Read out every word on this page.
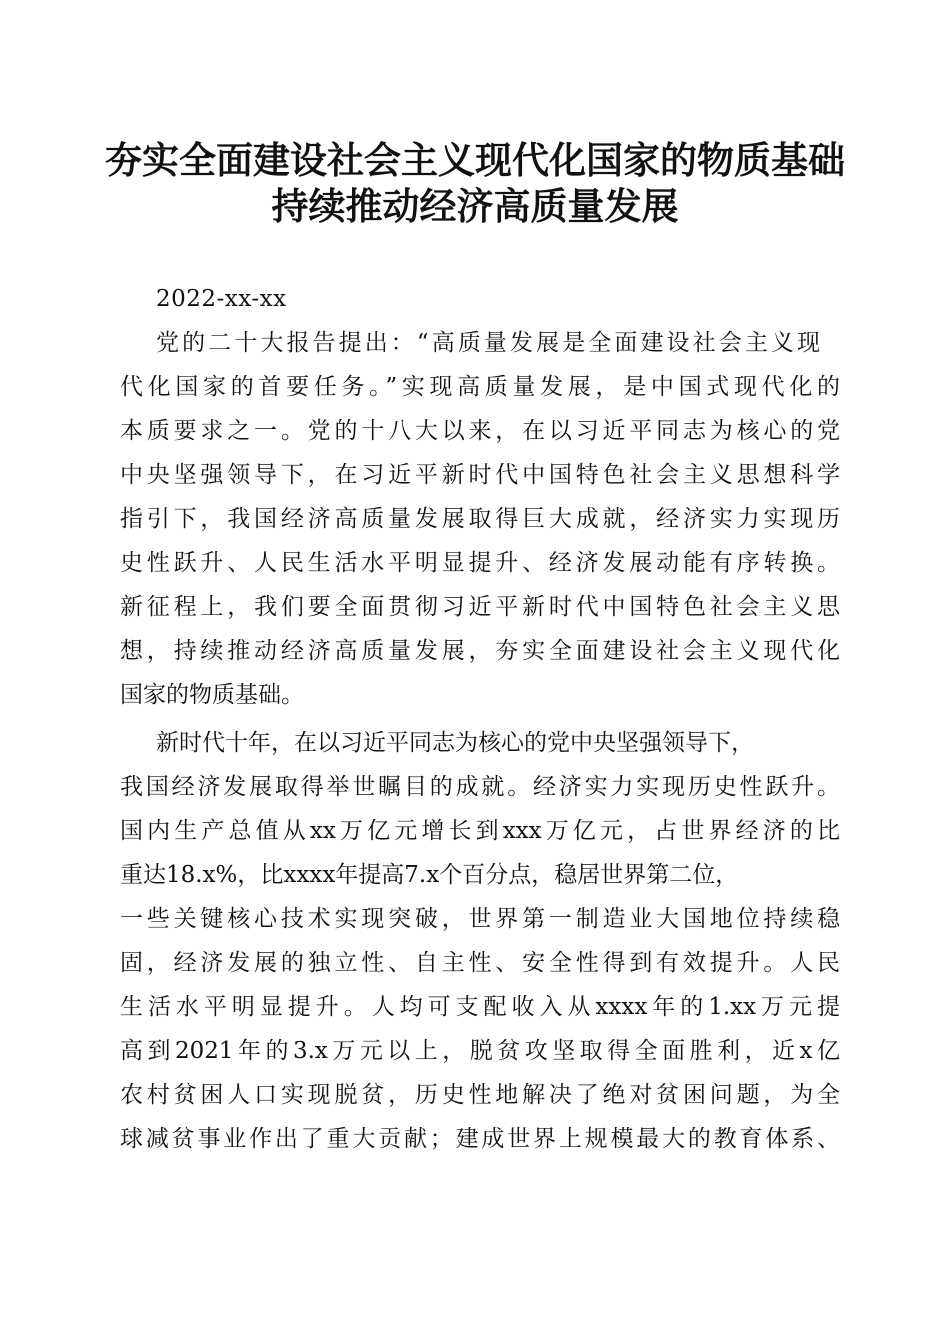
夯实全面建设社会主义现代化国家的物质基础
持续推动经济高质量发展
2022-xx-xx
党的二十大报告提出：“高质量发展是全面建设社会主义现
代化国家的首要任务。”实现高质量发展，是中国式现代化的
本质要求之一。党的十八大以来，在以习近平同志为核心的党
中央坚强领导下，在习近平新时代中国特色社会主义思想科学
指引下，我国经济高质量发展取得巨大成就，经济实力实现历
史性跃升、人民生活水平明显提升、经济发展动能有序转换。
新征程上，我们要全面贯彻习近平新时代中国特色社会主义思
想，持续推动经济高质量发展，夯实全面建设社会主义现代化
国家的物质基础。
新时代十年，在以习近平同志为核心的党中央坚强领导下，
我国经济发展取得举世瞩目的成就。经济实力实现历史性跃升。
国内生产总值从xx万亿元增长到xxx万亿元，占世界经济的比
重达18.x%，比xxxx年提高7.x个百分点，稳居世界第二位，
一些关键核心技术实现突破，世界第一制造业大国地位持续稳
固，经济发展的独立性、自主性、安全性得到有效提升。人民
生活水平明显提升。人均可支配收入从xxxx年的1.xx万元提
高到2021年的3.x万元以上，脱贫攻坚取得全面胜利，近x亿
农村贫困人口实现脱贫，历史性地解决了绝对贫困问题，为全
球减贫事业作出了重大贡献；建成世界上规模最大的教育体系、
